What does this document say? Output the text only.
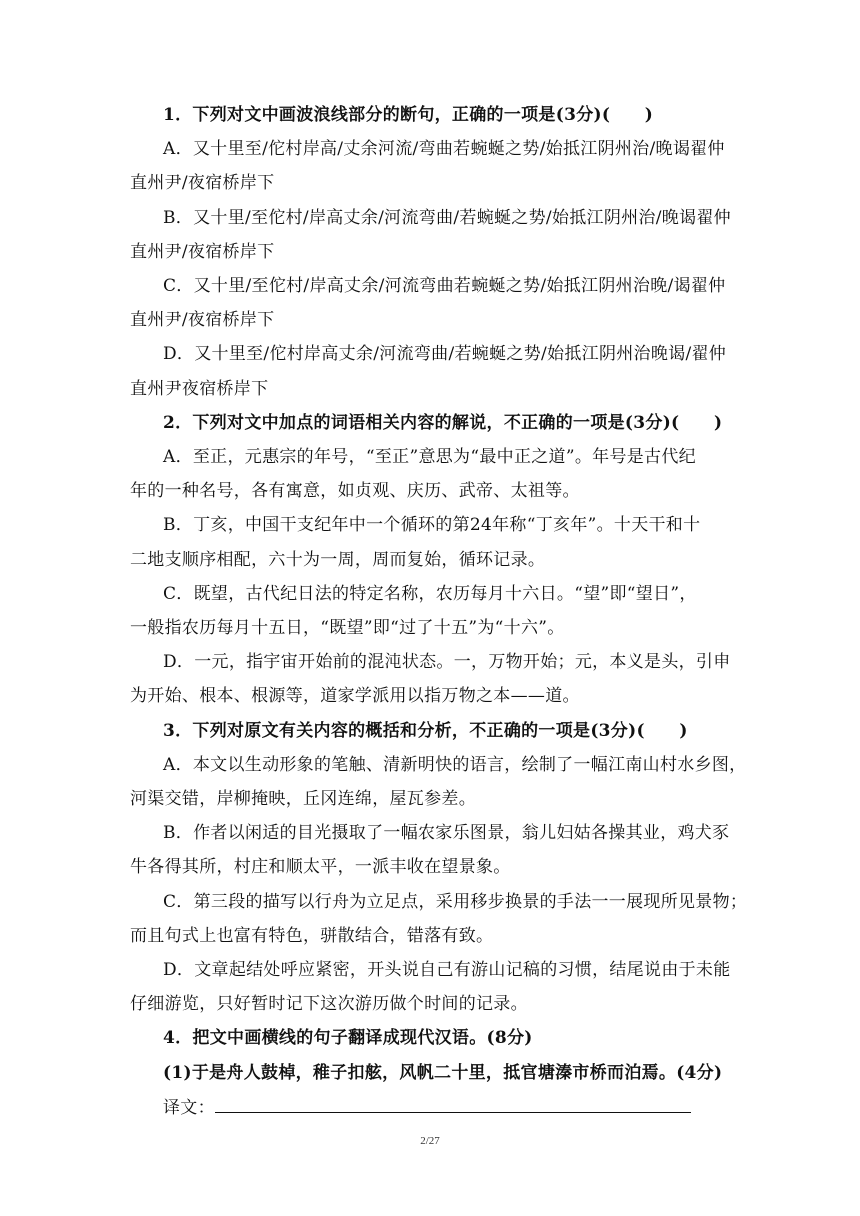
1．下列对文中画波浪线部分的断句，正确的一项是(3分)(　　)
A．又十里至/佗村岸高/丈余河流/弯曲若蜿蜒之势/始抵江阴州治/晚谒翟仲
直州尹/夜宿桥岸下
B．又十里/至佗村/岸高丈余/河流弯曲/若蜿蜒之势/始抵江阴州治/晚谒翟仲
直州尹/夜宿桥岸下
C．又十里/至佗村/岸高丈余/河流弯曲若蜿蜒之势/始抵江阴州治晚/谒翟仲
直州尹/夜宿桥岸下
D．又十里至/佗村岸高丈余/河流弯曲/若蜿蜒之势/始抵江阴州治晚谒/翟仲
直州尹夜宿桥岸下
2．下列对文中加点的词语相关内容的解说，不正确的一项是(3分)(　　)
A．至正，元惠宗的年号，“至正”意思为“最中正之道”。年号是古代纪
年的一种名号，各有寓意，如贞观、庆历、武帝、太祖等。
B．丁亥，中国干支纪年中一个循环的第24年称“丁亥年”。十天干和十
二地支顺序相配，六十为一周，周而复始，循环记录。
C．既望，古代纪日法的特定名称，农历每月十六日。“望”即“望日”，
一般指农历每月十五日，“既望”即“过了十五”为“十六”。
D．一元，指宇宙开始前的混沌状态。一，万物开始；元，本义是头，引申
为开始、根本、根源等，道家学派用以指万物之本——道。
3．下列对原文有关内容的概括和分析，不正确的一项是(3分)(　　)
A．本文以生动形象的笔触、清新明快的语言，绘制了一幅江南山村水乡图，
河渠交错，岸柳掩映，丘冈连绵，屋瓦参差。
B．作者以闲适的目光摄取了一幅农家乐图景，翁儿妇姑各操其业，鸡犬豕
牛各得其所，村庄和顺太平，一派丰收在望景象。
C．第三段的描写以行舟为立足点，采用移步换景的手法一一展现所见景物；
而且句式上也富有特色，骈散结合，错落有致。
D．文章起结处呼应紧密，开头说自己有游山记稿的习惯，结尾说由于未能
仔细游览，只好暂时记下这次游历做个时间的记录。
4．把文中画横线的句子翻译成现代汉语。(8分)
(1)于是舟人鼓棹，稚子扣舷，风帆二十里，抵官塘溱市桥而泊焉。(4分)
译文：
2/27
